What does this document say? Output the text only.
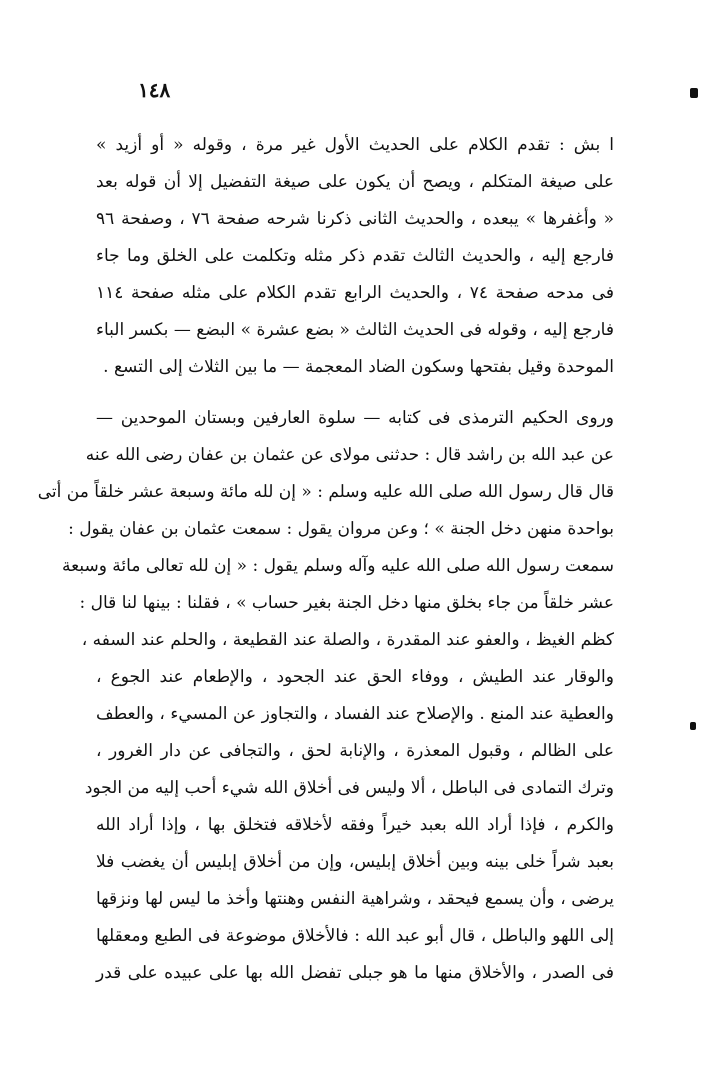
١٤٨
ا بش : تقدم الكلام على الحديث الأول غير مرة ، وقوله « أو أزيد »
على صيغة المتكلم ، ويصح أن يكون على صيغة التفضيل إلا أن قوله بعد
« وأغفرها » يبعده ، والحديث الثانى ذكرنا شرحه صفحة ٧٦ ، وصفحة ٩٦
فارجع إليه ، والحديث الثالث تقدم ذكر مثله وتكلمت على الخلق وما جاء
فى مدحه صفحة ٧٤ ، والحديث الرابع تقدم الكلام على مثله صفحة ١١٤
فارجع إليه ، وقوله فى الحديث الثالث « بضع عشرة » البضع — بكسر الباء
الموحدة وقيل بفتحها وسكون الضاد المعجمة — ما بين الثلاث إلى التسع .
وروى الحكيم الترمذى فى كتابه — سلوة العارفين وبستان الموحدين —
عن عبد الله بن راشد قال : حدثنى مولاى عن عثمان بن عفان رضى الله عنه
قال قال رسول الله صلى الله عليه وسلم : « إن لله مائة وسبعة عشر خلقاً من أتى
بواحدة منهن دخل الجنة » ؛ وعن مروان يقول : سمعت عثمان بن عفان يقول :
سمعت رسول الله صلى الله عليه وآله وسلم يقول : « إن لله تعالى مائة وسبعة
عشر خلقاً من جاء بخلق منها دخل الجنة بغير حساب » ، فقلنا : بينها لنا قال :
كظم الغيظ ، والعفو عند المقدرة ، والصلة عند القطيعة ، والحلم عند السفه ،
والوقار عند الطيش ، ووفاء الحق عند الجحود ، والإطعام عند الجوع ،
والعطية عند المنع . والإصلاح عند الفساد ، والتجاوز عن المسيء ، والعطف
على الظالم ، وقبول المعذرة ، والإنابة لحق ، والتجافى عن دار الغرور ،
وترك التمادى فى الباطل ، ألا وليس فى أخلاق الله شيء أحب إليه من الجود
والكرم ، فإذا أراد الله بعبد خيراً وفقه لأخلاقه فتخلق بها ، وإذا أراد الله
بعبد شراً خلى بينه وبين أخلاق إبليس، وإن من أخلاق إبليس أن يغضب فلا
يرضى ، وأن يسمع فيحقد ، وشراهية النفس وهنتها وأخذ ما ليس لها ونزقها
إلى اللهو والباطل ، قال أبو عبد الله : فالأخلاق موضوعة فى الطبع ومعقلها
فى الصدر ، والأخلاق منها ما هو جبلى تفضل الله بها على عبيده على قدر
